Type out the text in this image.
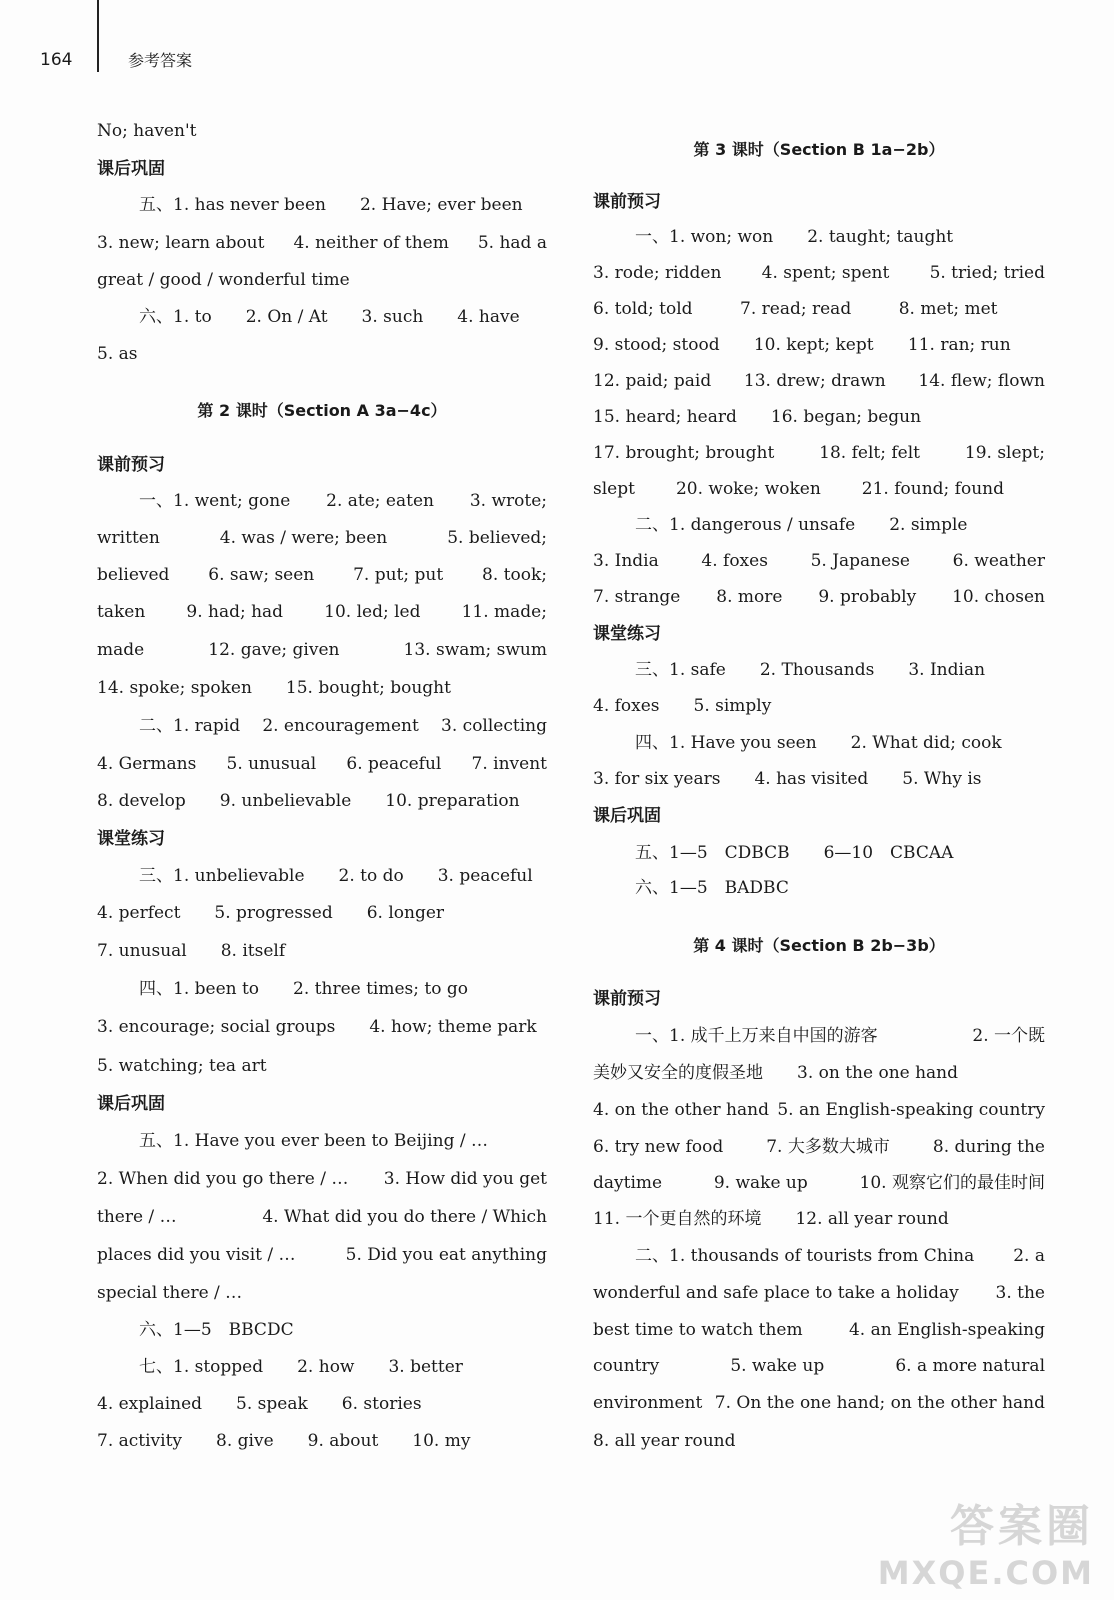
164	参考答案
No; haven't
课后巩固
五、1. has never been　　2. Have; ever been
3. new; learn about 4. neither of them 5. had a
great / good / wonderful time
六、1. to　　2. On / At　　3. such　　4. have
5. as
第 2 课时（Section A 3a−4c）
课前预习
一、1. went; gone 2. ate; eaten 3. wrote;
written	4. was / were; been	5. believed;
believed 6. saw; seen 7. put; put 8. took;
taken 9. had; had 10. led; led 11. made;
made	12. gave; given	13. swam; swum
14. spoke; spoken　　15. bought; bought
二、1. rapid 2. encouragement 3. collecting
4. Germans 5. unusual 6. peaceful 7. invent
8. develop　　9. unbelievable　　10. preparation
课堂练习
三、1. unbelievable　　2. to do　　3. peaceful
4. perfect　　5. progressed　　6. longer
7. unusual　　8. itself
四、1. been to　　2. three times; to go
3. encourage; social groups　　4. how; theme park
5. watching; tea art
课后巩固
五、1. Have you ever been to Beijing / …
2. When did you go there / … 3. How did you get
there / …	4. What did you do there / Which
places did you visit / …	5. Did you eat anything
special there / …
六、1—5　BBCDC
七、1. stopped　　2. how　　3. better
4. explained　　5. speak　　6. stories
7. activity　　8. give　　9. about　　10. my
第 3 课时（Section B 1a−2b）
课前预习
一、1. won; won　　2. taught; taught
3. rode; ridden 4. spent; spent 5. tried; tried
6. told; told	7. read; read	8. met; met
9. stood; stood 10. kept; kept 11. ran; run
12. paid; paid 13. drew; drawn 14. flew; flown
15. heard; heard　　16. began; begun
17. brought; brought	18. felt; felt	19. slept;
slept 20. woke; woken 21. found; found
二、1. dangerous / unsafe　　2. simple
3. India	4. foxes	5. Japanese	6. weather
7. strange 8. more 9. probably 10. chosen
课堂练习
三、1. safe　　2. Thousands　　3. Indian
4. foxes　　5. simply
四、1. Have you seen　　2. What did; cook
3. for six years　　4. has visited　　5. Why is
课后巩固
五、1—5　CDBCB　　6—10　CBCAA
六、1—5　BADBC
第 4 课时（Section B 2b−3b）
课前预习
一、1. 成千上万来自中国的游客	2. 一个既
美妙又安全的度假圣地　　3. on the one hand
4. on the other hand 5. an English-speaking country
6. try new food	7. 大多数大城市	8. during the
daytime	9. wake up	10. 观察它们的最佳时间
11. 一个更自然的环境　　12. all year round
二、1. thousands of tourists from China 2. a
wonderful and safe place to take a holiday 3. the
best time to watch them	4. an English-speaking
country	5. wake up	6. a more natural
environment 7. On the one hand; on the other hand
8. all year round
答案圈
MXQE.COM
